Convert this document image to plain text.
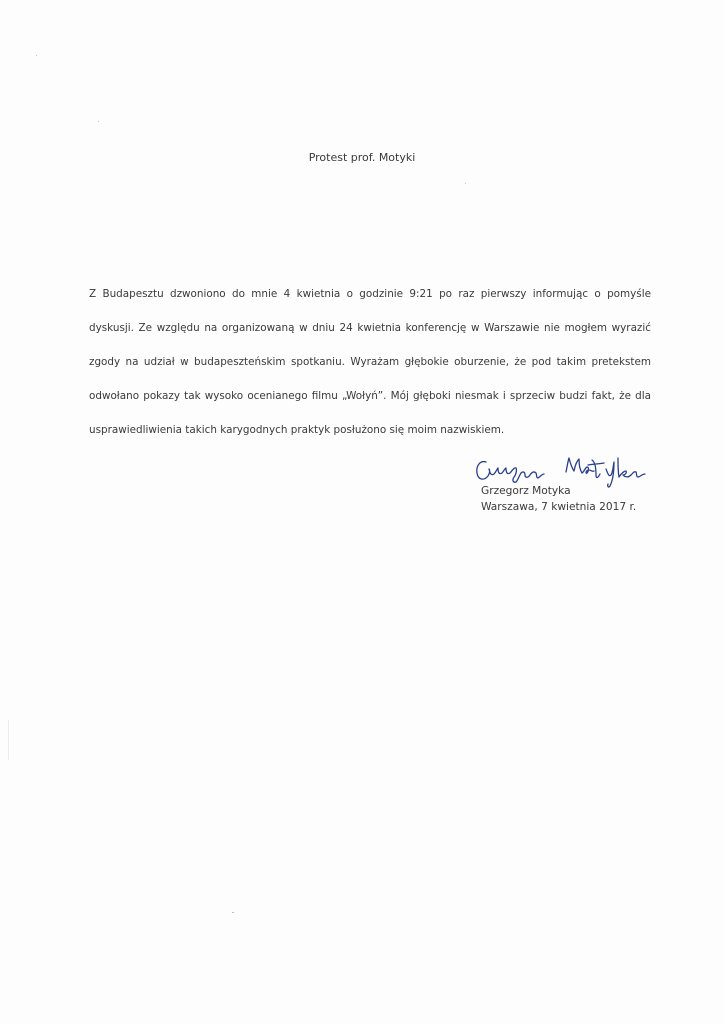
Protest prof. Motyki

Z Budapesztu dzwoniono do mnie 4 kwietnia o godzinie 9:21 po raz pierwszy informując o pomyśle dyskusji. Ze względu na organizowaną w dniu 24 kwietnia konferencję w Warszawie nie mogłem wyrazić zgody na udział w budapeszteńskim spotkaniu. Wyrażam głębokie oburzenie, że pod takim pretekstem odwołano pokazy tak wysoko ocenianego filmu „Wołyń”. Mój głęboki niesmak i sprzeciw budzi fakt, że dla usprawiedliwienia takich karygodnych praktyk posłużono się moim nazwiskiem.

Grzegorz Motyka
Warszawa, 7 kwietnia 2017 r.
